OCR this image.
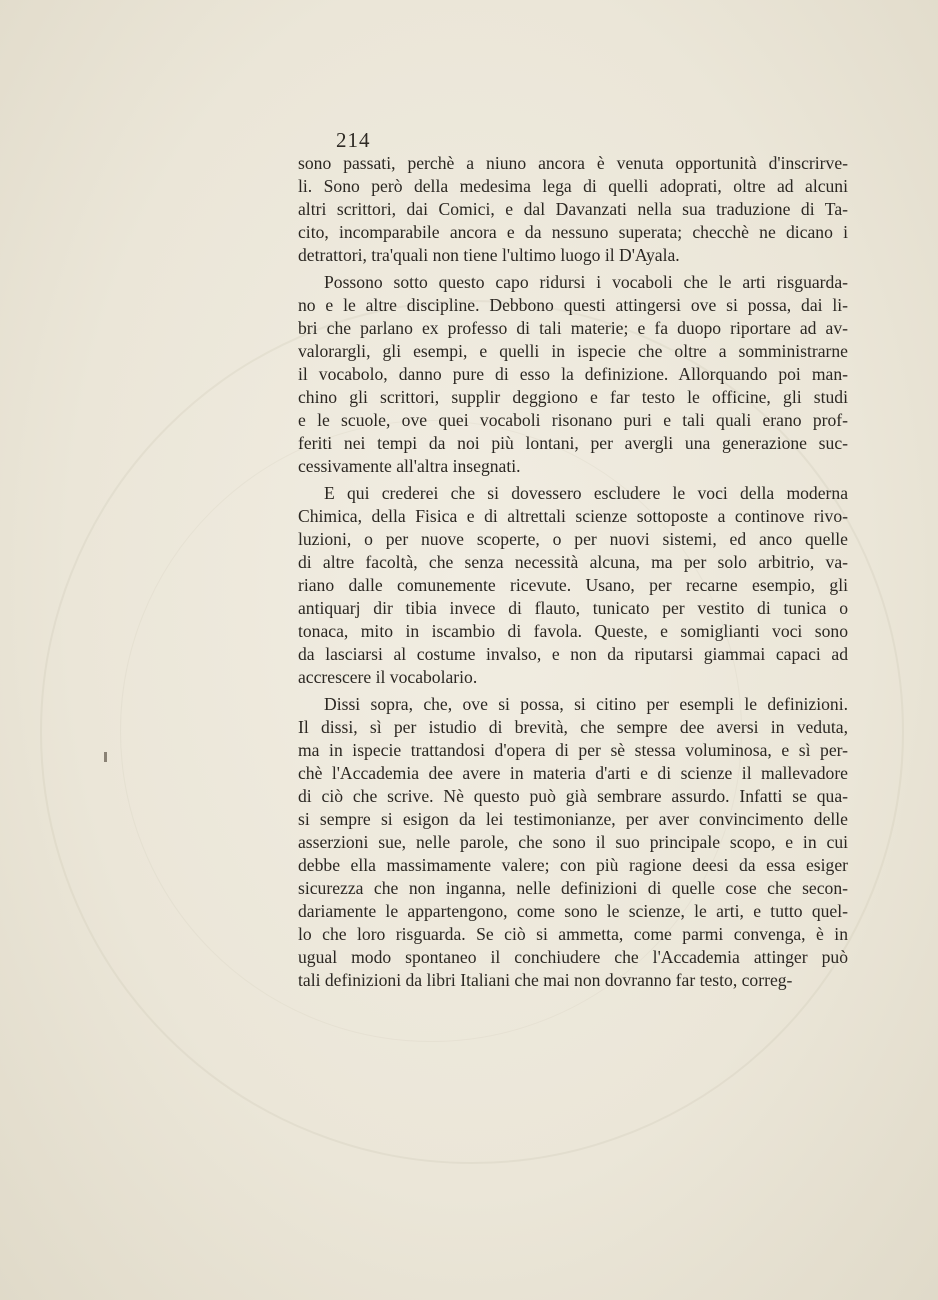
214
sono passati, perchè a niuno ancora è venuta opportunità d'inscrirve-
li. Sono però della medesima lega di quelli adoprati, oltre ad alcuni
altri scrittori, dai Comici, e dal Davanzati nella sua traduzione di Ta-
cito, incomparabile ancora e da nessuno superata; checchè ne dicano i
detrattori, tra'quali non tiene l'ultimo luogo il D'Ayala.
Possono sotto questo capo ridursi i vocaboli che le arti risguarda-
no e le altre discipline. Debbono questi attingersi ove si possa, dai li-
bri che parlano ex professo di tali materie; e fa duopo riportare ad av-
valorargli, gli esempi, e quelli in ispecie che oltre a somministrarne
il vocabolo, danno pure di esso la definizione. Allorquando poi man-
chino gli scrittori, supplir deggiono e far testo le officine, gli studi
e le scuole, ove quei vocaboli risonano puri e tali quali erano prof-
feriti nei tempi da noi più lontani, per avergli una generazione suc-
cessivamente all'altra insegnati.
E qui crederei che si dovessero escludere le voci della moderna
Chimica, della Fisica e di altrettali scienze sottoposte a continove rivo-
luzioni, o per nuove scoperte, o per nuovi sistemi, ed anco quelle
di altre facoltà, che senza necessità alcuna, ma per solo arbitrio, va-
riano dalle comunemente ricevute. Usano, per recarne esempio, gli
antiquarj dir tibia invece di flauto, tunicato per vestito di tunica o
tonaca, mito in iscambio di favola. Queste, e somiglianti voci sono
da lasciarsi al costume invalso, e non da riputarsi giammai capaci ad
accrescere il vocabolario.
Dissi sopra, che, ove si possa, si citino per esempli le definizioni.
Il dissi, sì per istudio di brevità, che sempre dee aversi in veduta,
ma in ispecie trattandosi d'opera di per sè stessa voluminosa, e sì per-
chè l'Accademia dee avere in materia d'arti e di scienze il mallevadore
di ciò che scrive. Nè questo può già sembrare assurdo. Infatti se qua-
si sempre si esigon da lei testimonianze, per aver convincimento delle
asserzioni sue, nelle parole, che sono il suo principale scopo, e in cui
debbe ella massimamente valere; con più ragione deesi da essa esiger
sicurezza che non inganna, nelle definizioni di quelle cose che secon-
dariamente le appartengono, come sono le scienze, le arti, e tutto quel-
lo che loro risguarda. Se ciò si ammetta, come parmi convenga, è in
ugual modo spontaneo il conchiudere che l'Accademia attinger può
tali definizioni da libri Italiani che mai non dovranno far testo, correg-
